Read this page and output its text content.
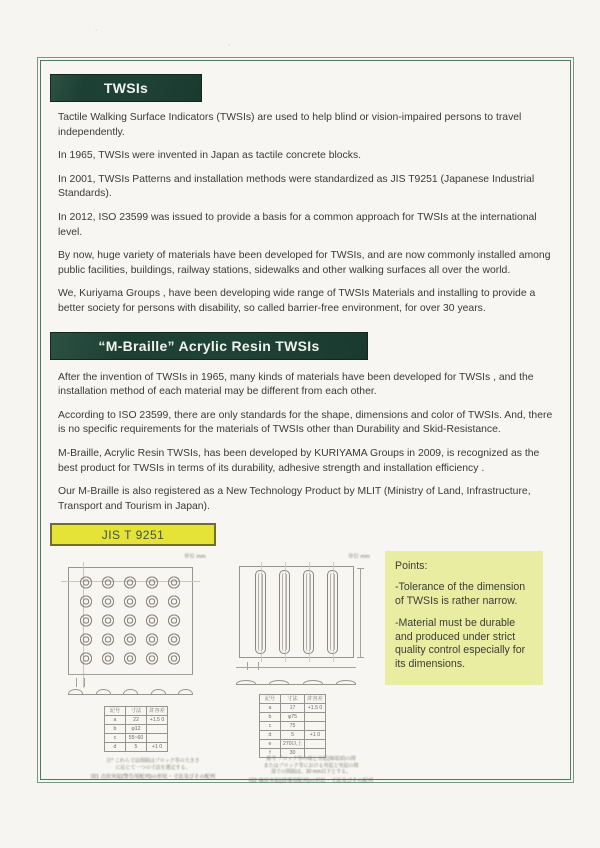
·
·
TWSIs

Tactile Walking Surface Indicators (TWSIs) are used to help blind or vision-impaired persons to travel independently.

In 1965, TWSIs were invented in Japan as tactile concrete blocks.

In 2001, TWSIs Patterns and installation methods were standardized as JIS T9251 (Japanese Industrial Standards).

In 2012, ISO 23599 was issued to provide a basis for a common approach for TWSIs at the international level.

By now, huge variety of materials have been developed for TWSIs, and are now commonly installed among public facilities, buildings, railway stations, sidewalks and other walking surfaces all over the world.

We, Kuriyama Groups , have been developing wide range of TWSIs Materials and installing to provide a better society for persons with disability, so called barrier-free environment, for over 30 years.

“M-Braille” Acrylic Resin TWSIs

After the invention of TWSIs in 1965, many kinds of materials have been developed for TWSIs , and the installation method of each material may be different from each other.

According to ISO 23599, there are only standards for the shape, dimensions and color of TWSIs. And, there is no specific requirements for the materials of TWSIs other than Durability and Skid-Resistance.

M-Braille, Acrylic Resin TWSIs, has been developed by KURIYAMA Groups in 2009, is recognized as the best product for TWSIs in terms of its durability, adhesive strength and installation efficiency .

Our M-Braille is also registered as a New Technology Product by MLIT (Ministry of Land, Infrastructure, Transport and Tourism in Japan).

JIS T 9251
単位 mm
記号	寸法	許容差
a	22	+1.5 0
b	φ12	
c	55~60	
d	5	+1 0
注* これら寸法間隔はブロック等の大きさ
に応じて一つの寸法を選定する。
図1 点状突起(警告用配列)の形状・寸法及びその配列
単位 mm
記号	寸法	許容差
a	17	+1.5 0
b	φ75	
c	75	
d	5	+1 0
e	270以上	
f	30	
備考 ブロック等の端と突起(線端部)の間
またはブロック等における突起と突起の間
部での間隔は、30 mm以下とする。
図2 線状突起(誘導用配列)の形状・寸法及びその配列

Points:

-Tolerance of the dimension of TWSIs is rather narrow.

-Material must be durable and produced under strict quality control especially for its dimensions.
